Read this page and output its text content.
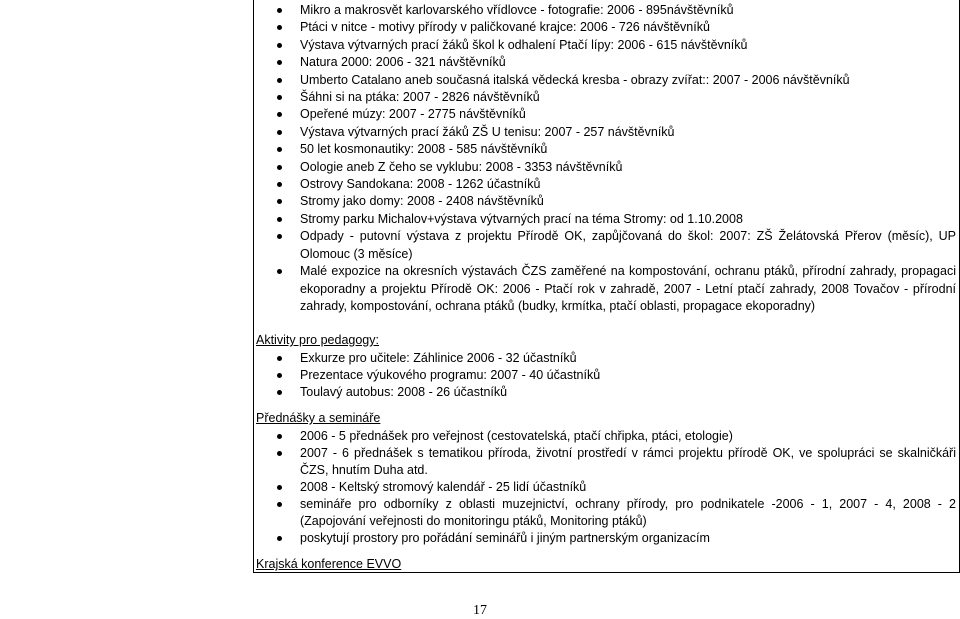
Mikro a makrosvět karlovarského vřídlovce - fotografie: 2006 - 895návštěvníků
Ptáci v nitce - motivy přírody v paličkované krajce: 2006 - 726 návštěvníků
Výstava výtvarných prací žáků škol k odhalení Ptačí lípy: 2006 - 615 návštěvníků
Natura 2000: 2006 - 321 návštěvníků
Umberto Catalano aneb současná italská vědecká kresba - obrazy zvířat:: 2007 - 2006 návštěvníků
Šáhni si na ptáka: 2007 - 2826 návštěvníků
Opeřené múzy: 2007 - 2775 návštěvníků
Výstava výtvarných prací žáků ZŠ U tenisu: 2007 - 257 návštěvníků
50 let kosmonautiky: 2008 - 585 návštěvníků
Oologie aneb Z čeho se vyklubu: 2008 - 3353 návštěvníků
Ostrovy Sandokana: 2008 - 1262 účastníků
Stromy jako domy: 2008 - 2408 návštěvníků
Stromy parku Michalov+výstava výtvarných prací na téma Stromy: od 1.10.2008
Odpady - putovní výstava z projektu Přírodě OK, zapůjčovaná do škol: 2007: ZŠ Želátovská Přerov (měsíc), UP Olomouc (3 měsíce)
Malé expozice na okresních výstavách ČZS zaměřené na kompostování, ochranu ptáků, přírodní zahrady, propagaci ekoporadny a projektu Přírodě OK: 2006 - Ptačí rok v zahradě, 2007 - Letní ptačí zahrady, 2008 Tovačov - přírodní zahrady, kompostování, ochrana ptáků (budky, krmítka, ptačí oblasti, propagace ekoporadny)
Aktivity pro pedagogy:
Exkurze pro učitele: Záhlinice 2006 - 32 účastníků
Prezentace výukového programu: 2007 - 40 účastníků
Toulavý autobus: 2008 - 26 účastníků
Přednášky a semináře
2006 - 5 přednášek pro veřejnost (cestovatelská, ptačí chřipka, ptáci, etologie)
2007 - 6 přednášek s tematikou příroda, životní prostředí v rámci projektu přírodě OK, ve spolupráci se skalničkáři ČZS, hnutím Duha atd.
2008 - Keltský stromový kalendář - 25 lidí účastníků
semináře pro odborníky z oblasti muzejnictví, ochrany přírody, pro podnikatele -2006 - 1, 2007 - 4, 2008 - 2 (Zapojování veřejnosti do monitoringu ptáků, Monitoring ptáků)
poskytují prostory pro pořádání seminářů i jiným partnerským organizacím
Krajská konference EVVO
17
